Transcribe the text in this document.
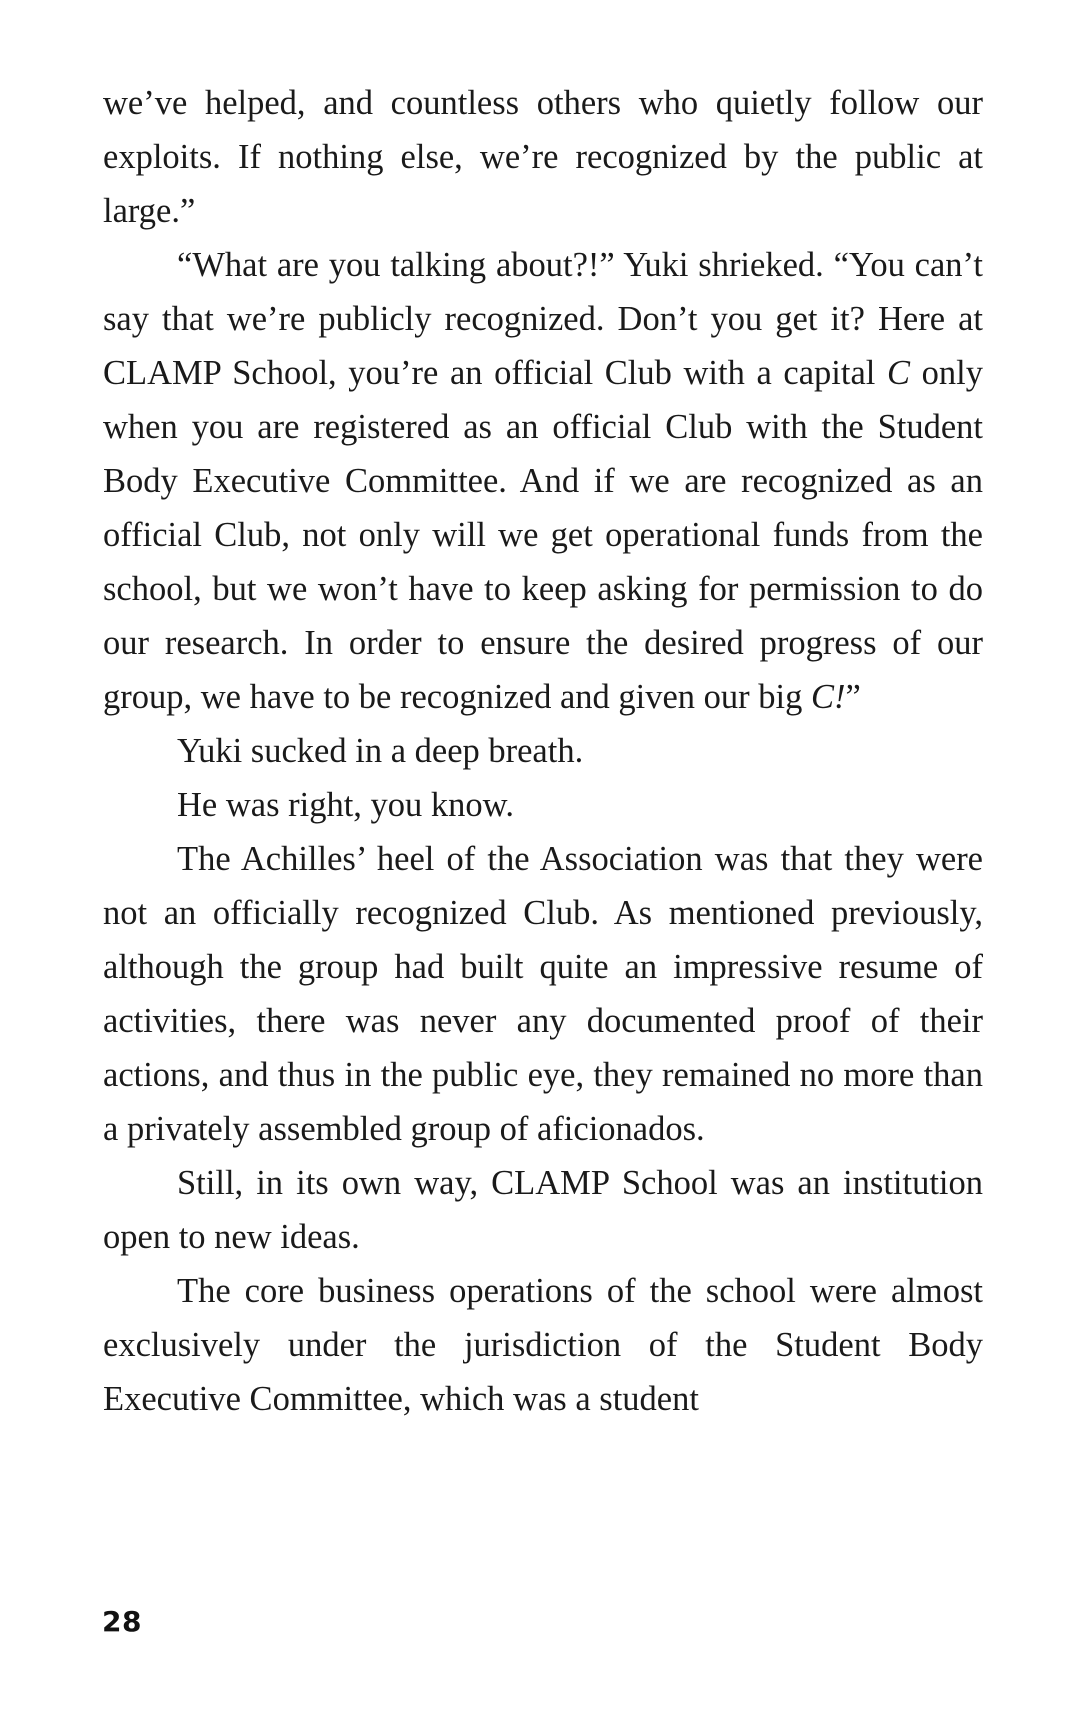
we’ve helped, and countless others who quietly follow our exploits. If nothing else, we’re recognized by the public at large.”

“What are you talking about?!” Yuki shrieked. “You can’t say that we’re publicly recognized. Don’t you get it? Here at CLAMP School, you’re an official Club with a capital C only when you are registered as an official Club with the Student Body Executive Committee. And if we are recognized as an official Club, not only will we get operational funds from the school, but we won’t have to keep asking for permission to do our research. In order to ensure the desired progress of our group, we have to be recognized and given our big C!”

Yuki sucked in a deep breath.

He was right, you know.

The Achilles’ heel of the Association was that they were not an officially recognized Club. As mentioned previously, although the group had built quite an impressive resume of activities, there was never any documented proof of their actions, and thus in the public eye, they remained no more than a privately assembled group of aficionados.

Still, in its own way, CLAMP School was an institution open to new ideas.

The core business operations of the school were almost exclusively under the jurisdiction of the Student Body Executive Committee, which was a student

28
